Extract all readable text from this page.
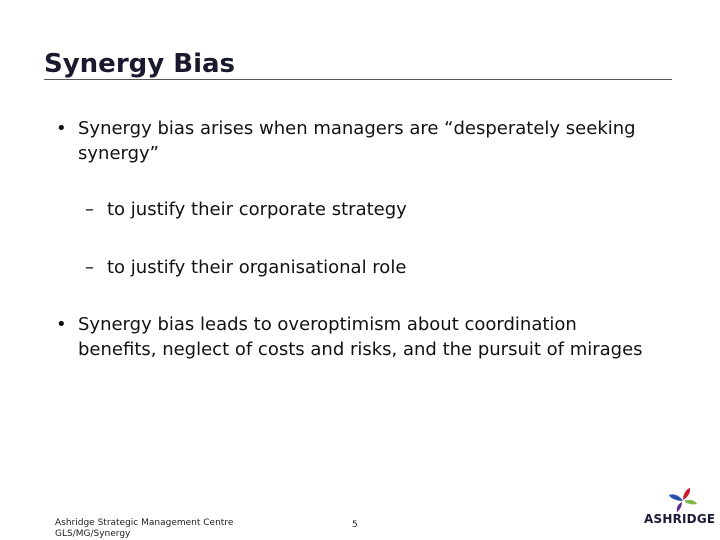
Synergy Bias
• Synergy bias arises when managers are “desperately seeking synergy”
– to justify their corporate strategy
– to justify their organisational role
• Synergy bias leads to overoptimism about coordination benefits, neglect of costs and risks, and the pursuit of mirages
Ashridge Strategic Management Centre
GLS/MG/Synergy
5	ASHRIDGE
